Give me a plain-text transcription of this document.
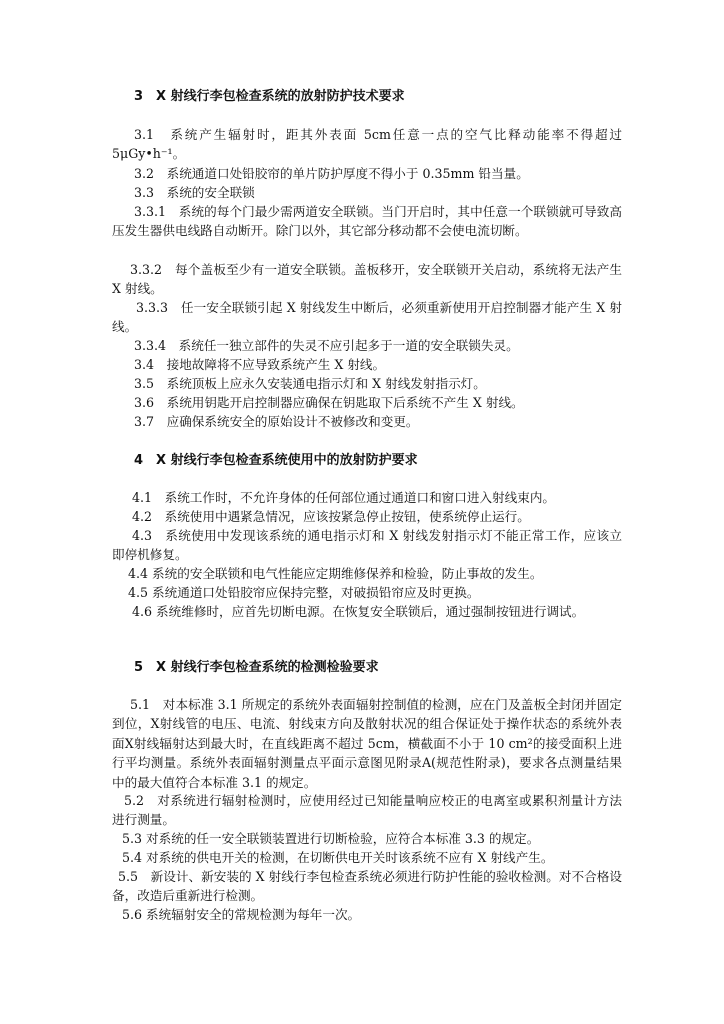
3　X 射线行李包检查系统的放射防护技术要求
3.1　系统产生辐射时，距其外表面 5cm任意一点的空气比释动能率不得超过 5μGy•h⁻¹。
3.2　系统通道口处铅胶帘的单片防护厚度不得小于 0.35mm 铅当量。
3.3　系统的安全联锁
3.3.1　系统的每个门最少需两道安全联锁。当门开启时，其中任意一个联锁就可导致高压发生器供电线路自动断开。除门以外，其它部分移动都不会使电流切断。
3.3.2　每个盖板至少有一道安全联锁。盖板移开，安全联锁开关启动，系统将无法产生 X 射线。
3.3.3　任一安全联锁引起 X 射线发生中断后，必须重新使用开启控制器才能产生 X 射线。
3.3.4　系统任一独立部件的失灵不应引起多于一道的安全联锁失灵。
3.4　接地故障将不应导致系统产生 X 射线。
3.5　系统顶板上应永久安装通电指示灯和 X 射线发射指示灯。
3.6　系统用钥匙开启控制器应确保在钥匙取下后系统不产生 X 射线。
3.7　应确保系统安全的原始设计不被修改和变更。
4　X 射线行李包检查系统使用中的放射防护要求
4.1　系统工作时，不允许身体的任何部位通过通道口和窗口进入射线束内。
4.2　系统使用中遇紧急情况，应该按紧急停止按钮，使系统停止运行。
4.3　系统使用中发现该系统的通电指示灯和 X 射线发射指示灯不能正常工作，应该立即停机修复。
4.4 系统的安全联锁和电气性能应定期维修保养和检验，防止事故的发生。
4.5 系统通道口处铅胶帘应保持完整，对破损铅帘应及时更换。
4.6 系统维修时，应首先切断电源。在恢复安全联锁后，通过强制按钮进行调试。
5　X 射线行李包检查系统的检测检验要求
5.1　对本标准 3.1 所规定的系统外表面辐射控制值的检测，应在门及盖板全封闭并固定到位，X射线管的电压、电流、射线束方向及散射状况的组合保证处于操作状态的系统外表面X射线辐射达到最大时，在直线距离不超过 5cm，横截面不小于 10 cm²的接受面积上进行平均测量。系统外表面辐射测量点平面示意图见附录A(规范性附录)，要求各点测量结果中的最大值符合本标准 3.1 的规定。
5.2　对系统进行辐射检测时，应使用经过已知能量响应校正的电离室或累积剂量计方法进行测量。
5.3 对系统的任一安全联锁装置进行切断检验，应符合本标准 3.3 的规定。
5.4 对系统的供电开关的检测，在切断供电开关时该系统不应有 X 射线产生。
5.5　新设计、新安装的 X 射线行李包检查系统必须进行防护性能的验收检测。对不合格设备，改造后重新进行检测。
5.6 系统辐射安全的常规检测为每年一次。
